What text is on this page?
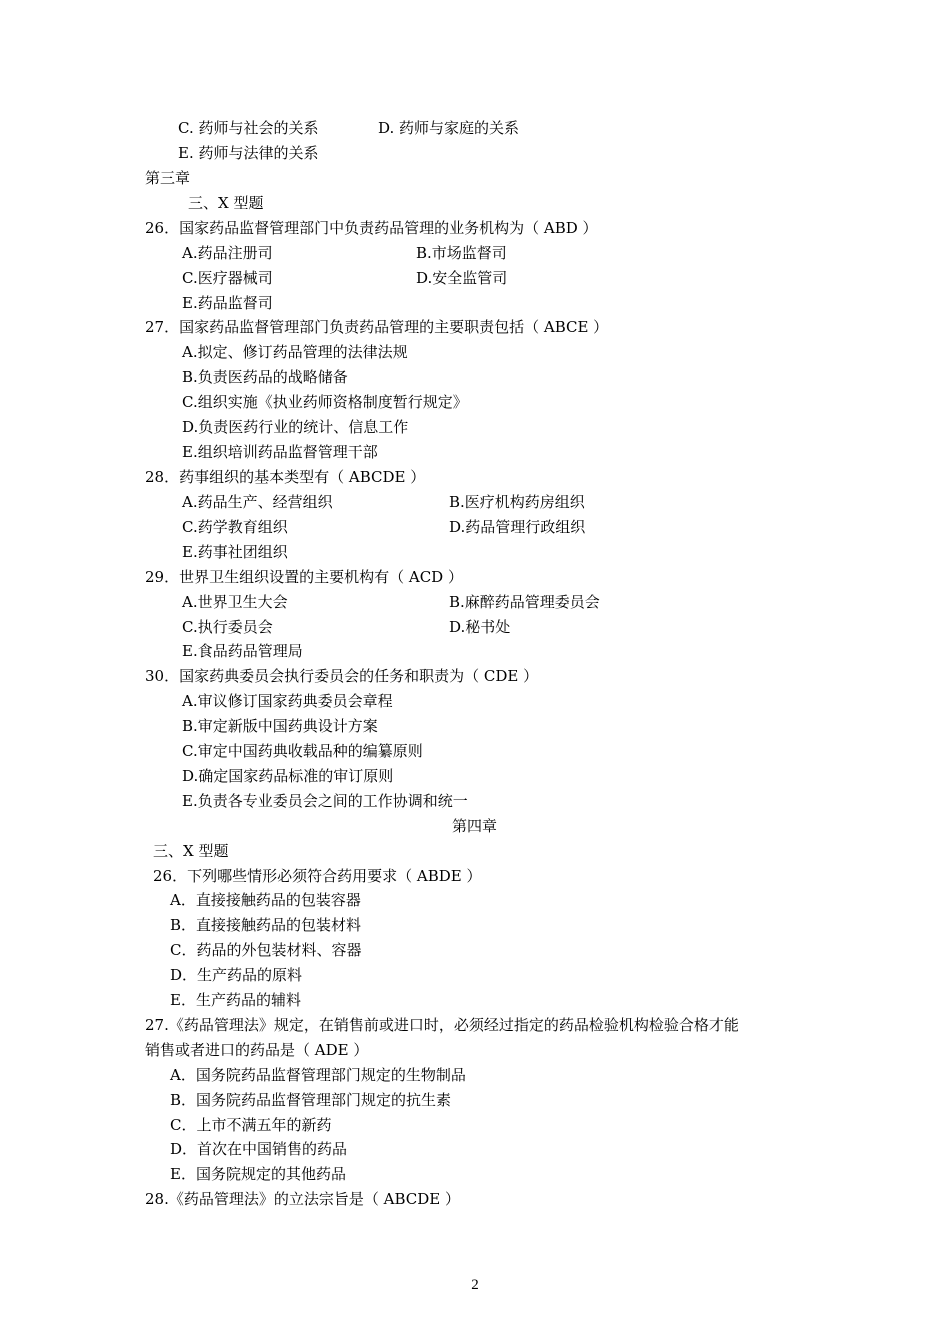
C. 药师与社会的关系	D. 药师与家庭的关系
E. 药师与法律的关系
第三章
三、X 型题
26．国家药品监督管理部门中负责药品管理的业务机构为（ ABD ）
A.药品注册司	B.市场监督司
C.医疗器械司	D.安全监管司
E.药品监督司
27．国家药品监督管理部门负责药品管理的主要职责包括（ ABCE ）
A.拟定、修订药品管理的法律法规
B.负责医药品的战略储备
C.组织实施《执业药师资格制度暂行规定》
D.负责医药行业的统计、信息工作
E.组织培训药品监督管理干部
28．药事组织的基本类型有（ ABCDE ）
A.药品生产、经营组织	B.医疗机构药房组织
C.药学教育组织	D.药品管理行政组织
E.药事社团组织
29．世界卫生组织设置的主要机构有（ ACD ）
A.世界卫生大会	B.麻醉药品管理委员会
C.执行委员会	D.秘书处
E.食品药品管理局
30．国家药典委员会执行委员会的任务和职责为（ CDE ）
A.审议修订国家药典委员会章程
B.审定新版中国药典设计方案
C.审定中国药典收载品种的编纂原则
D.确定国家药品标准的审订原则
E.负责各专业委员会之间的工作协调和统一
第四章
三、X 型题
26．下列哪些情形必须符合药用要求（ ABDE ）
A．直接接触药品的包装容器
B．直接接触药品的包装材料
C．药品的外包装材料、容器
D．生产药品的原料
E．生产药品的辅料
27.《药品管理法》规定，在销售前或进口时，必须经过指定的药品检验机构检验合格才能
销售或者进口的药品是（ ADE ）
A．国务院药品监督管理部门规定的生物制品
B．国务院药品监督管理部门规定的抗生素
C．上市不满五年的新药
D．首次在中国销售的药品
E．国务院规定的其他药品
28.《药品管理法》的立法宗旨是（ ABCDE ）
2
